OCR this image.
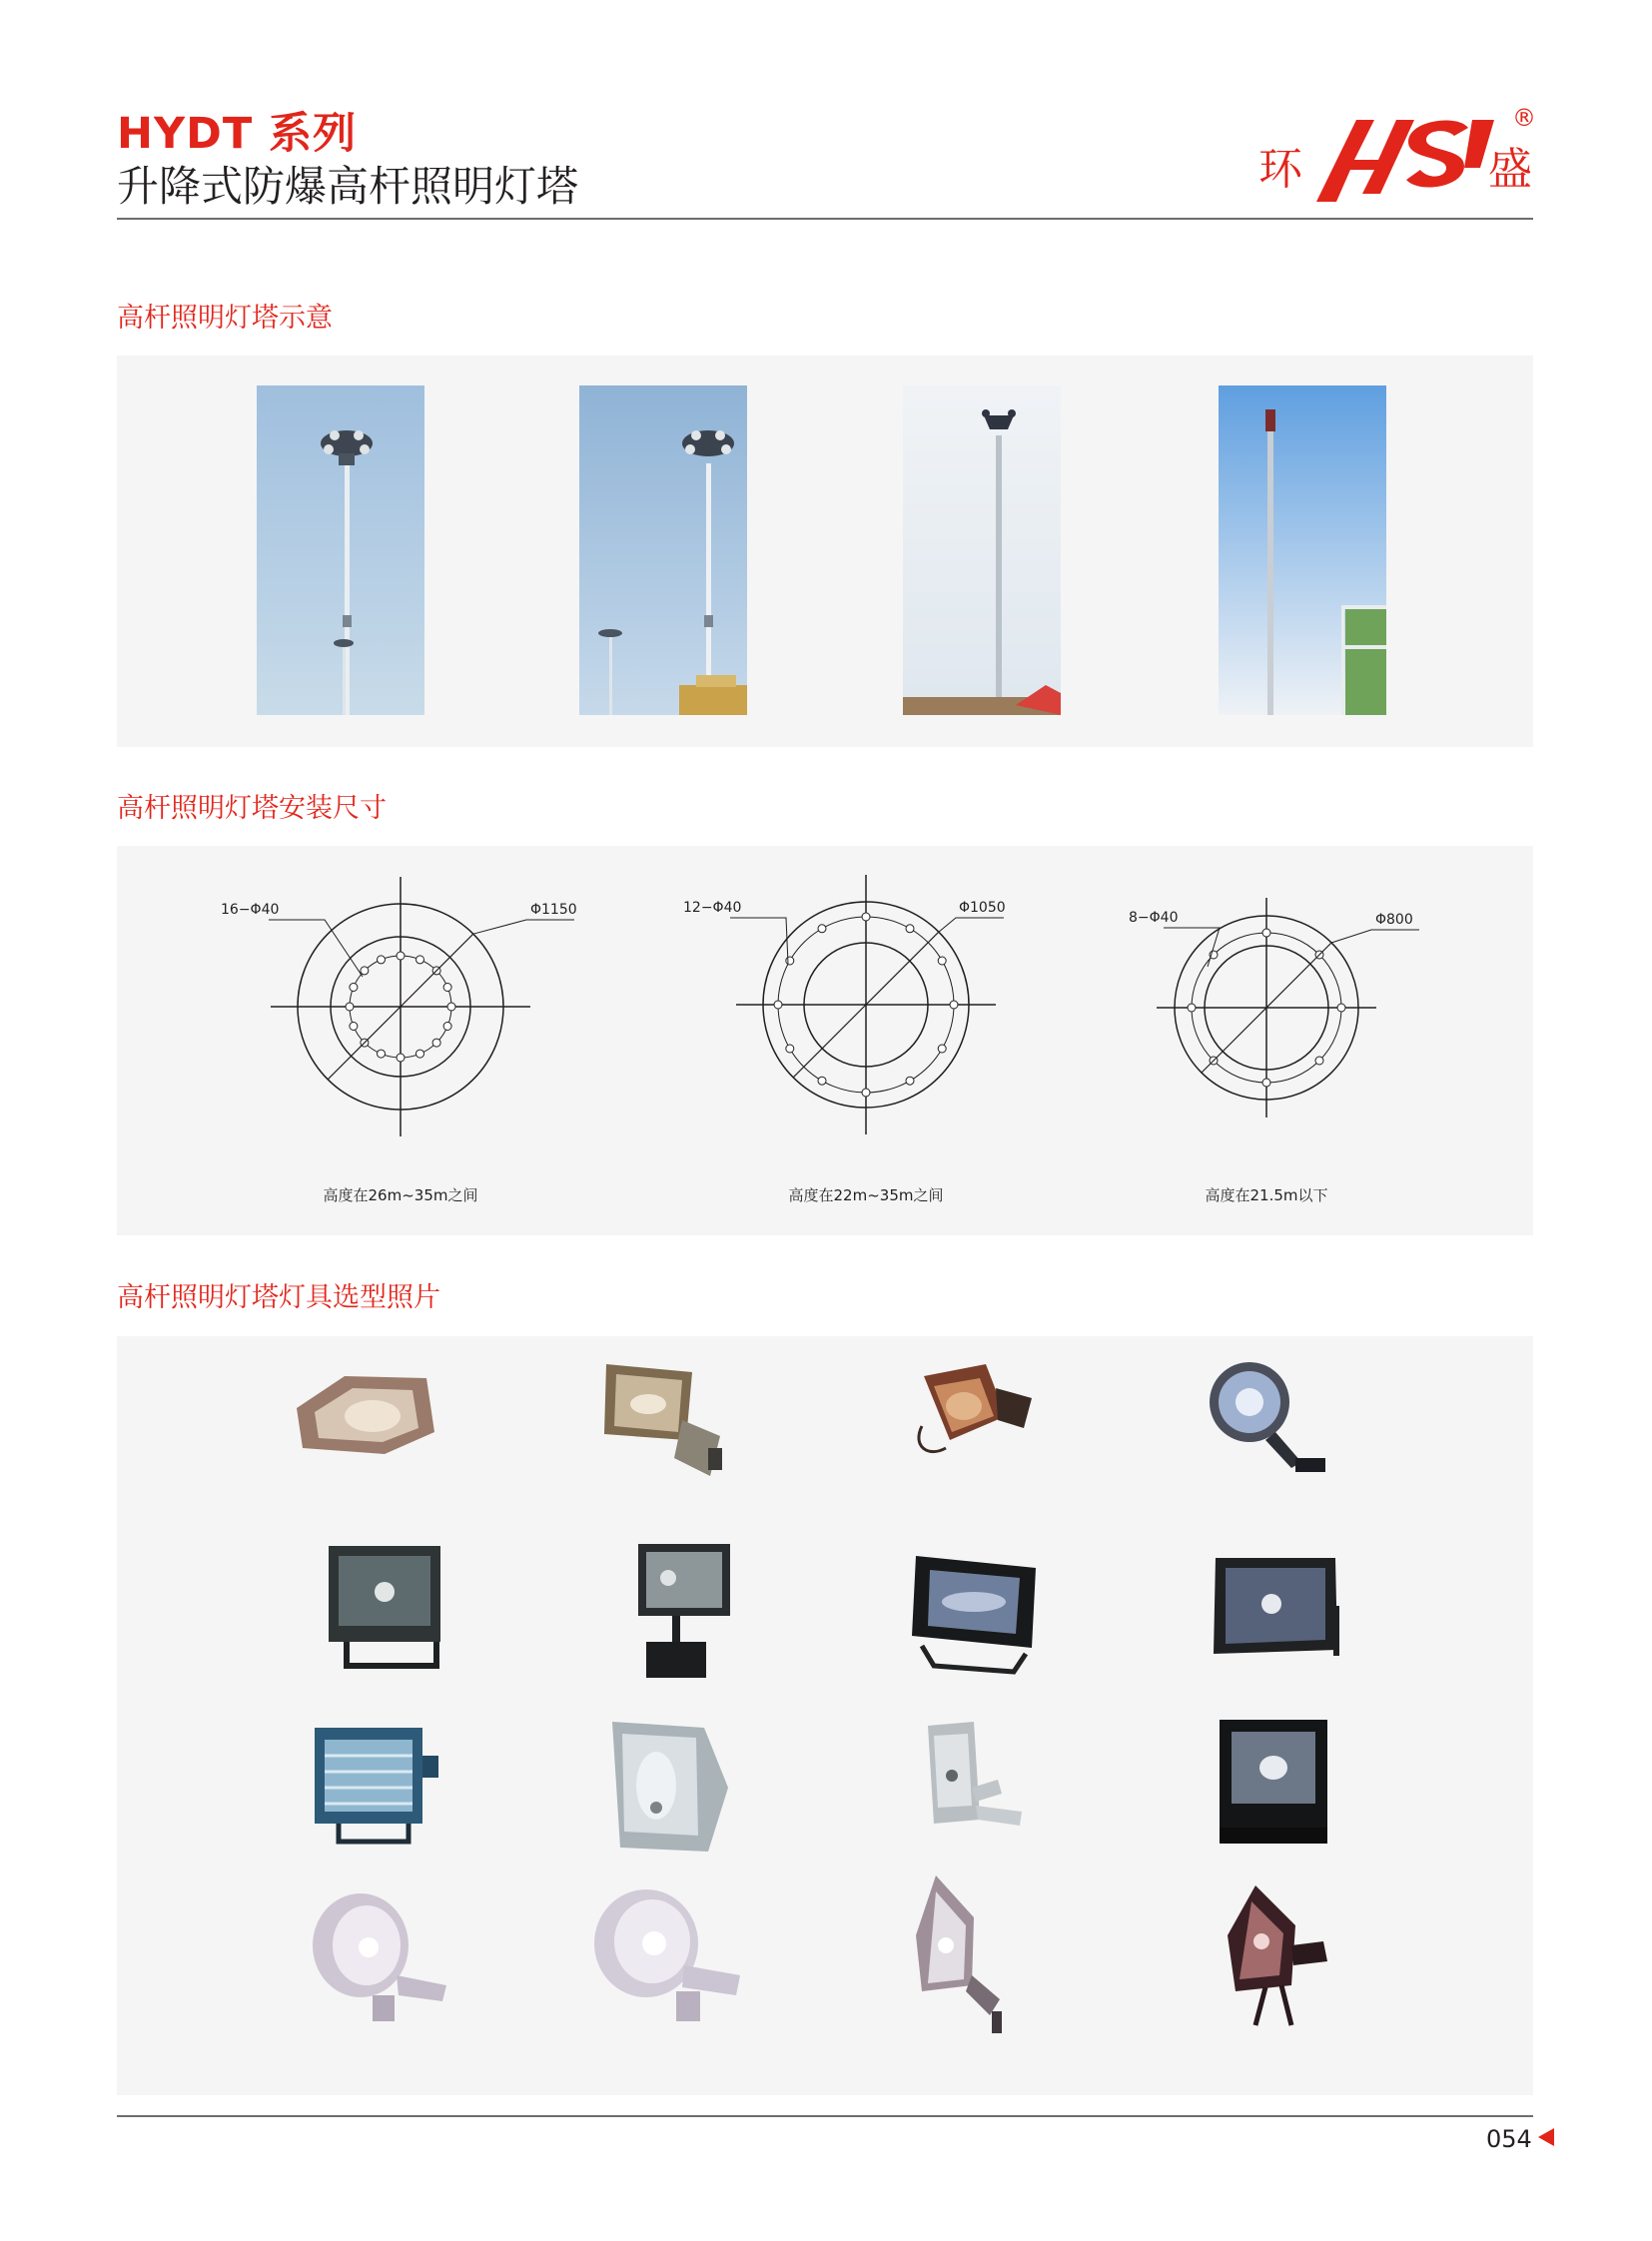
HYDT 系列
升降式防爆高杆照明灯塔	环	盛
®
高杆照明灯塔示意
高杆照明灯塔安装尺寸
16−Φ40	Φ1150
高度在26m~35m之间
12−Φ40	Φ1050
高度在22m~35m之间
8−Φ40	Φ800
高度在21.5m以下
高杆照明灯塔灯具选型照片
054
